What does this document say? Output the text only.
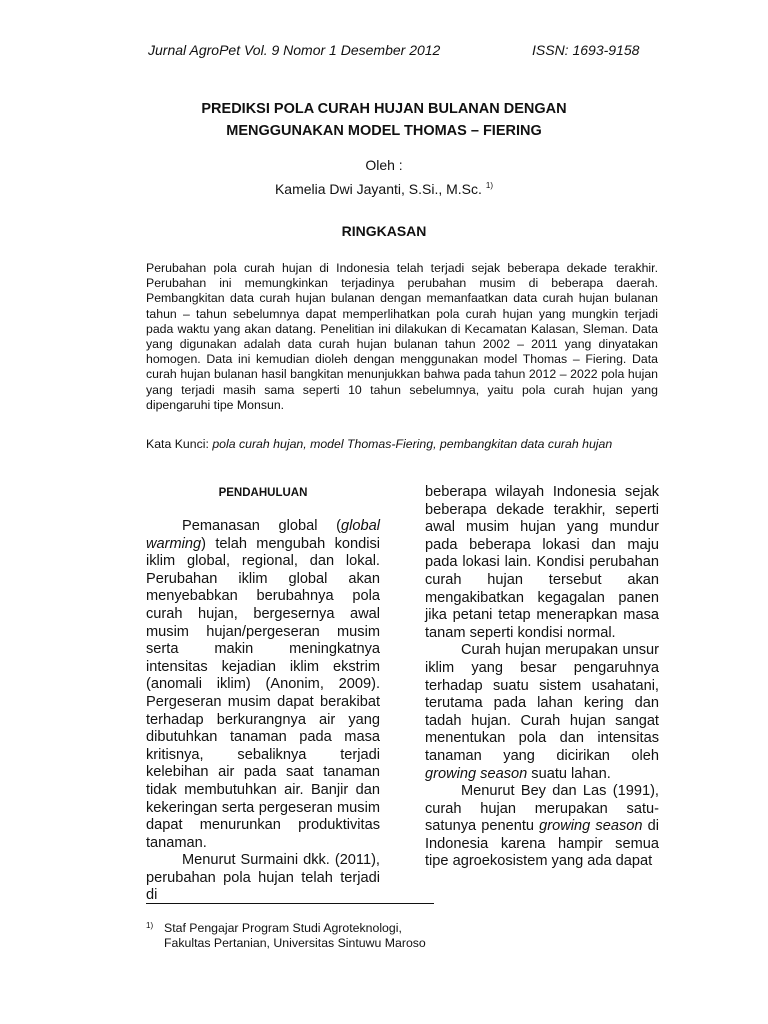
Jurnal AgroPet Vol. 9 Nomor 1 Desember 2012	ISSN: 1693-9158
PREDIKSI POLA CURAH HUJAN BULANAN DENGAN
MENGGUNAKAN MODEL THOMAS – FIERING
Oleh :
Kamelia Dwi Jayanti, S.Si., M.Sc. $^{1)}$
RINGKASAN

Perubahan pola curah hujan di Indonesia telah terjadi sejak beberapa dekade terakhir. Perubahan ini memungkinkan terjadinya perubahan musim di beberapa daerah. Pembangkitan data curah hujan bulanan dengan memanfaatkan data curah hujan bulanan tahun – tahun sebelumnya dapat memperlihatkan pola curah hujan yang mungkin terjadi pada waktu yang akan datang. Penelitian ini dilakukan di Kecamatan Kalasan, Sleman. Data yang digunakan adalah data curah hujan bulanan tahun 2002 – 2011 yang dinyatakan homogen. Data ini kemudian dioleh dengan menggunakan model Thomas – Fiering. Data curah hujan bulanan hasil bangkitan menunjukkan bahwa pada tahun 2012 – 2022 pola hujan yang terjadi masih sama seperti 10 tahun sebelumnya, yaitu pola curah hujan yang dipengaruhi tipe Monsun.

Kata Kunci: pola curah hujan, model Thomas-Fiering, pembangkitan data curah hujan
PENDAHULUAN

Pemanasan global (global warming) telah mengubah kondisi iklim global, regional, dan lokal. Perubahan iklim global akan menyebabkan berubahnya pola curah hujan, bergesernya awal musim hujan/pergeseran musim serta makin meningkatnya intensitas kejadian iklim ekstrim (anomali iklim) (Anonim, 2009). Pergeseran musim dapat berakibat terhadap berkurangnya air yang dibutuhkan tanaman pada masa kritisnya, sebaliknya terjadi kelebihan air pada saat tanaman tidak membutuhkan air. Banjir dan kekeringan serta pergeseran musim dapat menurunkan produktivitas tanaman.

Menurut Surmaini dkk. (2011), perubahan pola hujan telah terjadi di

beberapa wilayah Indonesia sejak beberapa dekade terakhir, seperti awal musim hujan yang mundur pada beberapa lokasi dan maju pada lokasi lain. Kondisi perubahan curah hujan tersebut akan mengakibatkan kegagalan panen jika petani tetap menerapkan masa tanam seperti kondisi normal.

Curah hujan merupakan unsur iklim yang besar pengaruhnya terhadap suatu sistem usahatani, terutama pada lahan kering dan tadah hujan. Curah hujan sangat menentukan pola dan intensitas tanaman yang dicirikan oleh growing season suatu lahan.

Menurut Bey dan Las (1991), curah hujan merupakan satu-satunya penentu growing season di Indonesia karena hampir semua tipe agroekosistem yang ada dapat

1) Staf Pengajar Program Studi Agroteknologi,
Fakultas Pertanian, Universitas Sintuwu Maroso
